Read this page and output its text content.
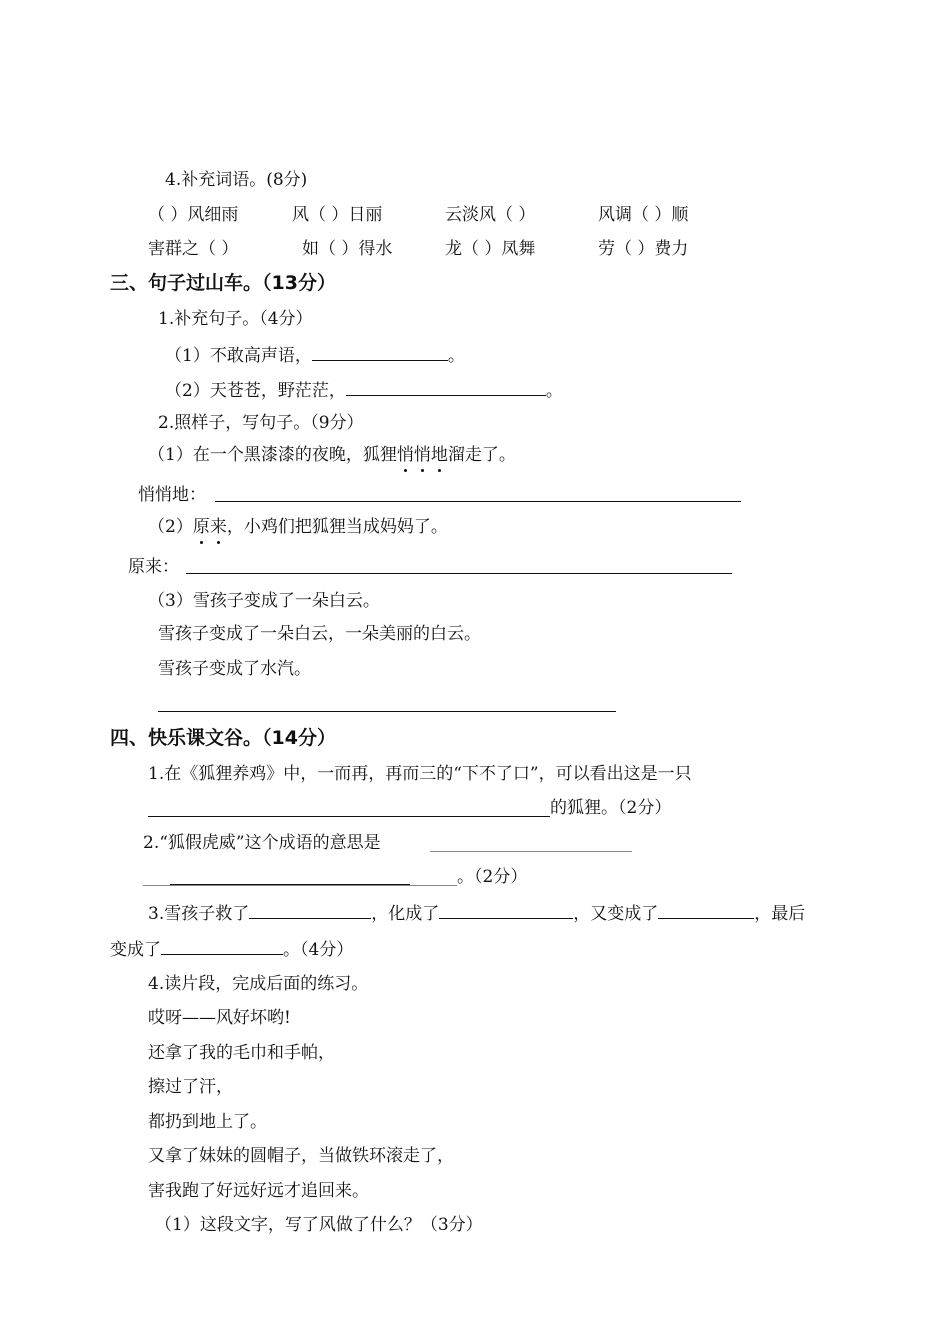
4.补充词语。(8分)
（ ）风细雨	风（ ）日丽	云淡风（ ）	风调（ ）顺
害群之（ ）	如（ ）得水	龙（ ）凤舞	劳（ ）费力
三、句子过山车。（13分）
1.补充句子。（4分）
（1）不敢高声语，	。
（2）天苍苍，野茫茫，	。
2.照样子，写句子。（9分）
（1）在一个黑漆漆的夜晚，狐狸悄悄地溜走了。
悄悄地：
（2）原来，小鸡们把狐狸当成妈妈了。
原来：
（3）雪孩子变成了一朵白云。
雪孩子变成了一朵白云，一朵美丽的白云。
雪孩子变成了水汽。
四、快乐课文谷。（14分）
1.在《狐狸养鸡》中，一而再，再而三的“下不了口”，可以看出这是一只
的狐狸。（2分）
2.“狐假虎威”这个成语的意思是
。（2分）
3.雪孩子救了	，化成了	，又变成了	，最后
变成了	。（4分）
4.读片段，完成后面的练习。
哎呀——风好坏哟!
还拿了我的毛巾和手帕，
擦过了汗，
都扔到地上了。
又拿了妹妹的圆帽子，当做铁环滚走了，
害我跑了好远好远才追回来。
（1）这段文字，写了风做了什么？（3分）
